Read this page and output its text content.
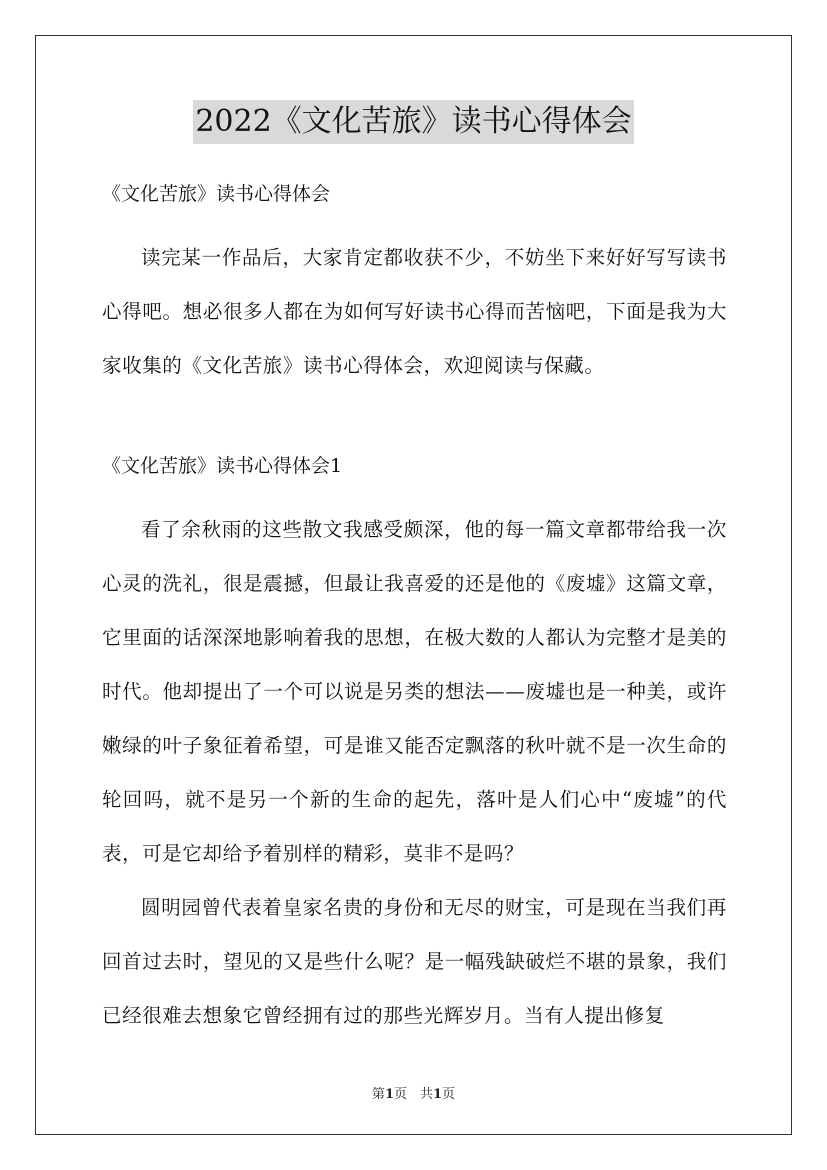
2022《文化苦旅》读书心得体会

《文化苦旅》读书心得体会

读完某一作品后，大家肯定都收获不少，不妨坐下来好好写写读书心得吧。想必很多人都在为如何写好读书心得而苦恼吧，下面是我为大家收集的《文化苦旅》读书心得体会，欢迎阅读与保藏。

《文化苦旅》读书心得体会1

看了余秋雨的这些散文我感受颇深，他的每一篇文章都带给我一次心灵的洗礼，很是震撼，但最让我喜爱的还是他的《废墟》这篇文章，它里面的话深深地影响着我的思想，在极大数的人都认为完整才是美的时代。他却提出了一个可以说是另类的想法——废墟也是一种美，或许嫩绿的叶子象征着希望，可是谁又能否定飘落的秋叶就不是一次生命的轮回吗，就不是另一个新的生命的起先，落叶是人们心中“废墟”的代表，可是它却给予着别样的精彩，莫非不是吗？

圆明园曾代表着皇家名贵的身份和无尽的财宝，可是现在当我们再回首过去时，望见的又是些什么呢？是一幅残缺破烂不堪的景象，我们已经很难去想象它曾经拥有过的那些光辉岁月。当有人提出修复

第1页　共1页
